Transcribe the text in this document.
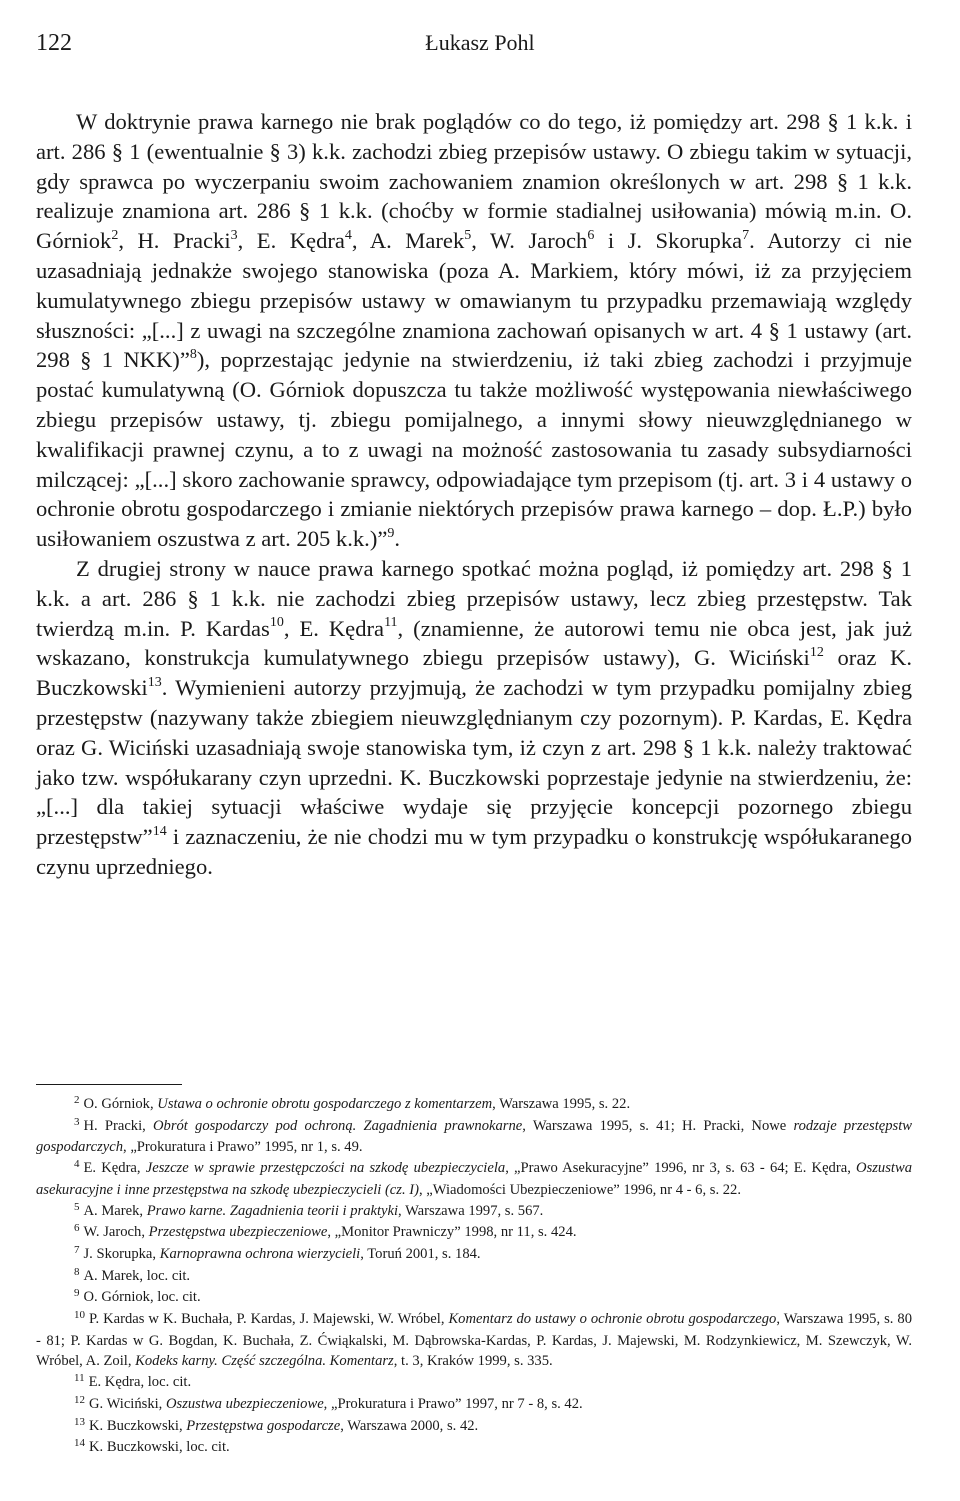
122	Łukasz Pohl

W doktrynie prawa karnego nie brak poglądów co do tego, iż pomiędzy art. 298 § 1 k.k. i art. 286 § 1 (ewentualnie § 3) k.k. zachodzi zbieg przepisów ustawy. O zbiegu takim w sytuacji, gdy sprawca po wyczerpaniu swoim zachowaniem znamion określonych w art. 298 § 1 k.k. realizuje znamiona art. 286 § 1 k.k. (choćby w formie stadialnej usiłowania) mówią m.in. O. Górniok$^2$, H. Pracki$^3$, E. Kędra$^4$, A. Marek$^5$, W. Jaroch$^6$ i J. Skorupka$^7$. Autorzy ci nie uzasadniają jednakże swojego stanowiska (poza A. Markiem, który mówi, iż za przyjęciem kumulatywnego zbiegu przepisów ustawy w omawianym tu przypadku przemawiają względy słuszności: „[...] z uwagi na szczególne znamiona zachowań opisanych w art. 4 § 1 ustawy (art. 298 § 1 NKK)”$^8$), poprzestając jedynie na stwierdzeniu, iż taki zbieg zachodzi i przyjmuje postać kumulatywną (O. Górniok dopuszcza tu także możliwość występowania niewłaściwego zbiegu przepisów ustawy, tj. zbiegu pomijalnego, a innymi słowy nieuwzględnianego w kwalifikacji prawnej czynu, a to z uwagi na możność zastosowania tu zasady subsydiarności milczącej: „[...] skoro zachowanie sprawcy, odpowiadające tym przepisom (tj. art. 3 i 4 ustawy o ochronie obrotu gospodarczego i zmianie niektórych przepisów prawa karnego – dop. Ł.P.) było usiłowaniem oszustwa z art. 205 k.k.)”$^9$.

Z drugiej strony w nauce prawa karnego spotkać można pogląd, iż pomiędzy art. 298 § 1 k.k. a art. 286 § 1 k.k. nie zachodzi zbieg przepisów ustawy, lecz zbieg przestępstw. Tak twierdzą m.in. P. Kardas$^{10}$, E. Kędra$^{11}$, (znamienne, że autorowi temu nie obca jest, jak już wskazano, konstrukcja kumulatywnego zbiegu przepisów ustawy), G. Wiciński$^{12}$ oraz K. Buczkowski$^{13}$. Wymienieni autorzy przyjmują, że zachodzi w tym przypadku pomijalny zbieg przestępstw (nazywany także zbiegiem nieuwzględnianym czy pozornym). P. Kardas, E. Kędra oraz G. Wiciński uzasadniają swoje stanowiska tym, iż czyn z art. 298 § 1 k.k. należy traktować jako tzw. współukarany czyn uprzedni. K. Buczkowski poprzestaje jedynie na stwierdzeniu, że: „[...] dla takiej sytuacji właściwe wydaje się przyjęcie koncepcji pozornego zbiegu przestępstw”$^{14}$ i zaznaczeniu, że nie chodzi mu w tym przypadku o konstrukcję współukaranego czynu uprzedniego.

$^2$ O. Górniok, Ustawa o ochronie obrotu gospodarczego z komentarzem, Warszawa 1995, s. 22.

$^3$ H. Pracki, Obrót gospodarczy pod ochroną. Zagadnienia prawnokarne, Warszawa 1995, s. 41; H. Pracki, Nowe rodzaje przestępstw gospodarczych, „Prokuratura i Prawo” 1995, nr 1, s. 49.

$^4$ E. Kędra, Jeszcze w sprawie przestępczości na szkodę ubezpieczyciela, „Prawo Asekuracyjne” 1996, nr 3, s. 63 - 64; E. Kędra, Oszustwa asekuracyjne i inne przestępstwa na szkodę ubezpieczycieli (cz. I), „Wiadomości Ubezpieczeniowe” 1996, nr 4 - 6, s. 22.

$^5$ A. Marek, Prawo karne. Zagadnienia teorii i praktyki, Warszawa 1997, s. 567.

$^6$ W. Jaroch, Przestępstwa ubezpieczeniowe, „Monitor Prawniczy” 1998, nr 11, s. 424.

$^7$ J. Skorupka, Karnoprawna ochrona wierzycieli, Toruń 2001, s. 184.

$^8$ A. Marek, loc. cit.

$^9$ O. Górniok, loc. cit.

$^{10}$ P. Kardas w K. Buchała, P. Kardas, J. Majewski, W. Wróbel, Komentarz do ustawy o ochronie obrotu gospodarczego, Warszawa 1995, s. 80 - 81; P. Kardas w G. Bogdan, K. Buchała, Z. Ćwiąkalski, M. Dąbrowska-Kardas, P. Kardas, J. Majewski, M. Rodzynkiewicz, M. Szewczyk, W. Wróbel, A. Zoil, Kodeks karny. Część szczególna. Komentarz, t. 3, Kraków 1999, s. 335.

$^{11}$ E. Kędra, loc. cit.

$^{12}$ G. Wiciński, Oszustwa ubezpieczeniowe, „Prokuratura i Prawo” 1997, nr 7 - 8, s. 42.

$^{13}$ K. Buczkowski, Przestępstwa gospodarcze, Warszawa 2000, s. 42.

$^{14}$ K. Buczkowski, loc. cit.
